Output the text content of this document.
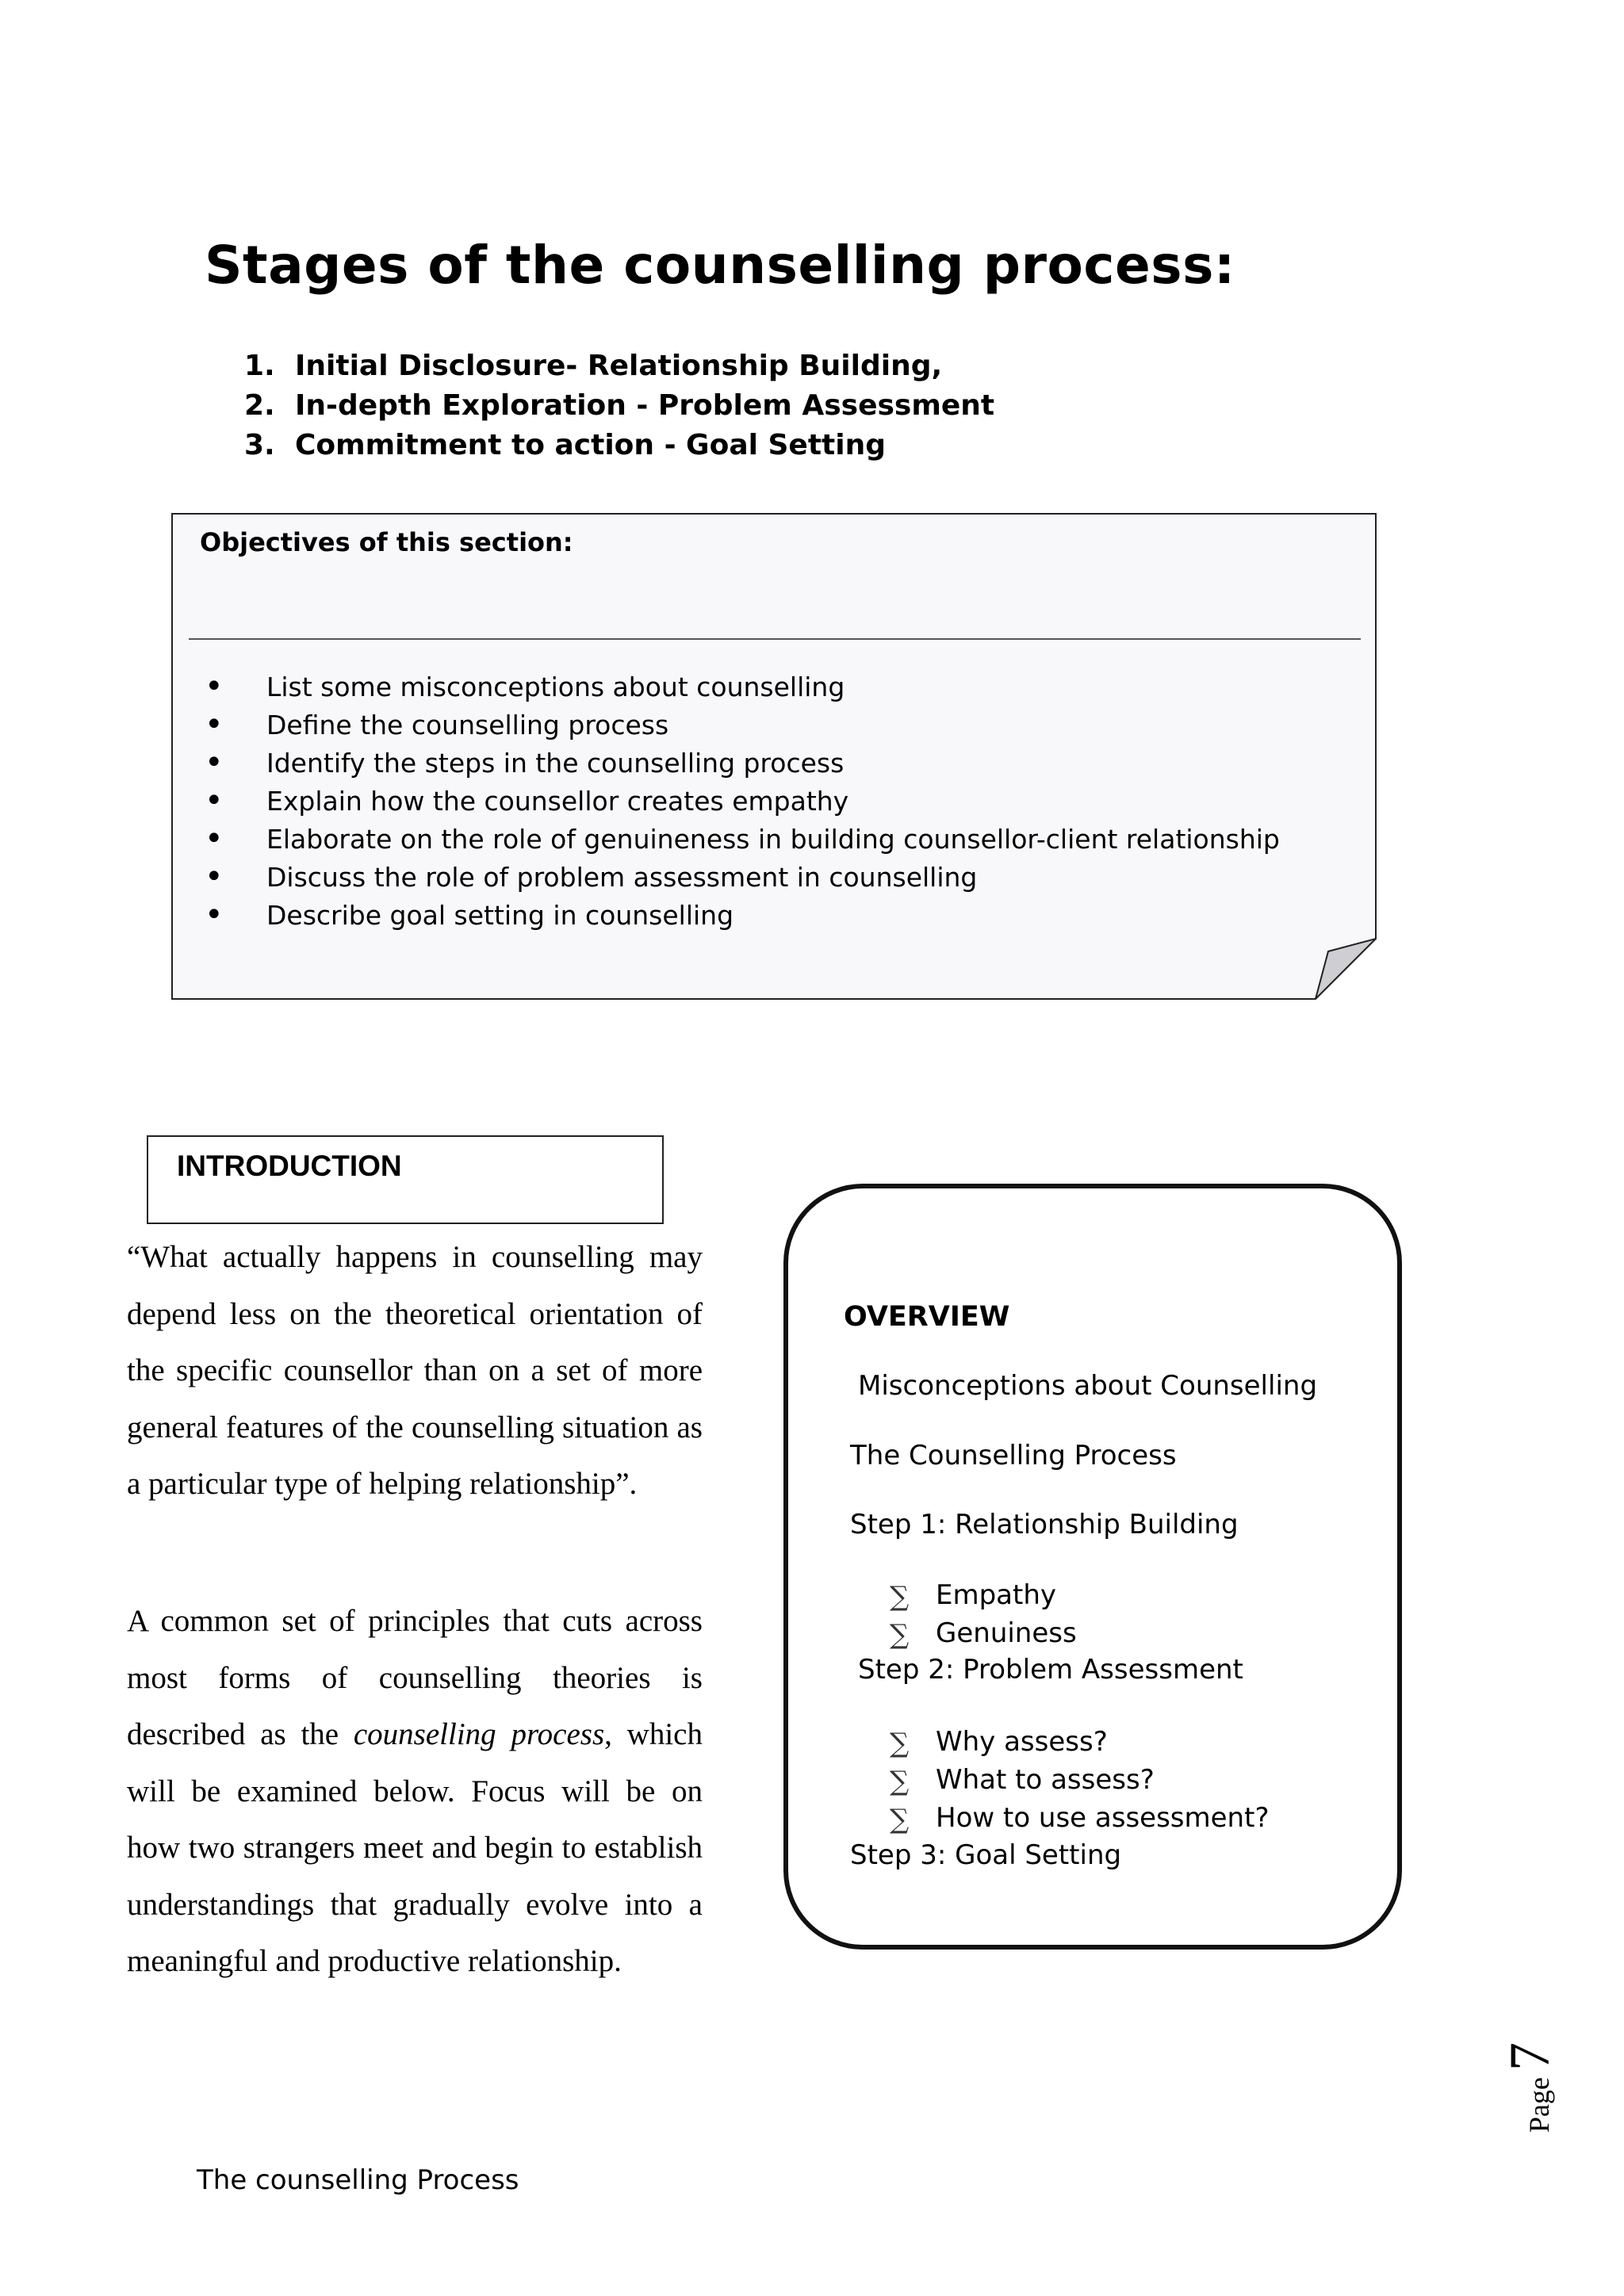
Stages of the counselling process:
1. Initial Disclosure- Relationship Building,
2. In-depth Exploration - Problem Assessment
3. Commitment to action - Goal Setting
Objectives of this section:
• List some misconceptions about counselling
• Define the counselling process
• Identify the steps in the counselling process
• Explain how the counsellor creates empathy
• Elaborate on the role of genuineness in building counsellor-client relationship
• Discuss the role of problem assessment in counselling
• Describe goal setting in counselling
INTRODUCTION

“What actually happens in counselling may depend less on the theoretical orientation of the specific counsellor than on a set of more general features of the counselling situation as a particular type of helping relationship”.

A common set of principles that cuts across most forms of counselling theories is described as the counselling process, which will be examined below. Focus will be on how two strangers meet and begin to establish understandings that gradually evolve into a meaningful and productive relationship.

OVERVIEW
Misconceptions about Counselling
The Counselling Process
Step 1: Relationship Building
∑ Empathy
∑ Genuiness
Step 2: Problem Assessment
∑ Why assess?
∑ What to assess?
∑ How to use assessment?
Step 3: Goal Setting
Page7
The counselling Process
